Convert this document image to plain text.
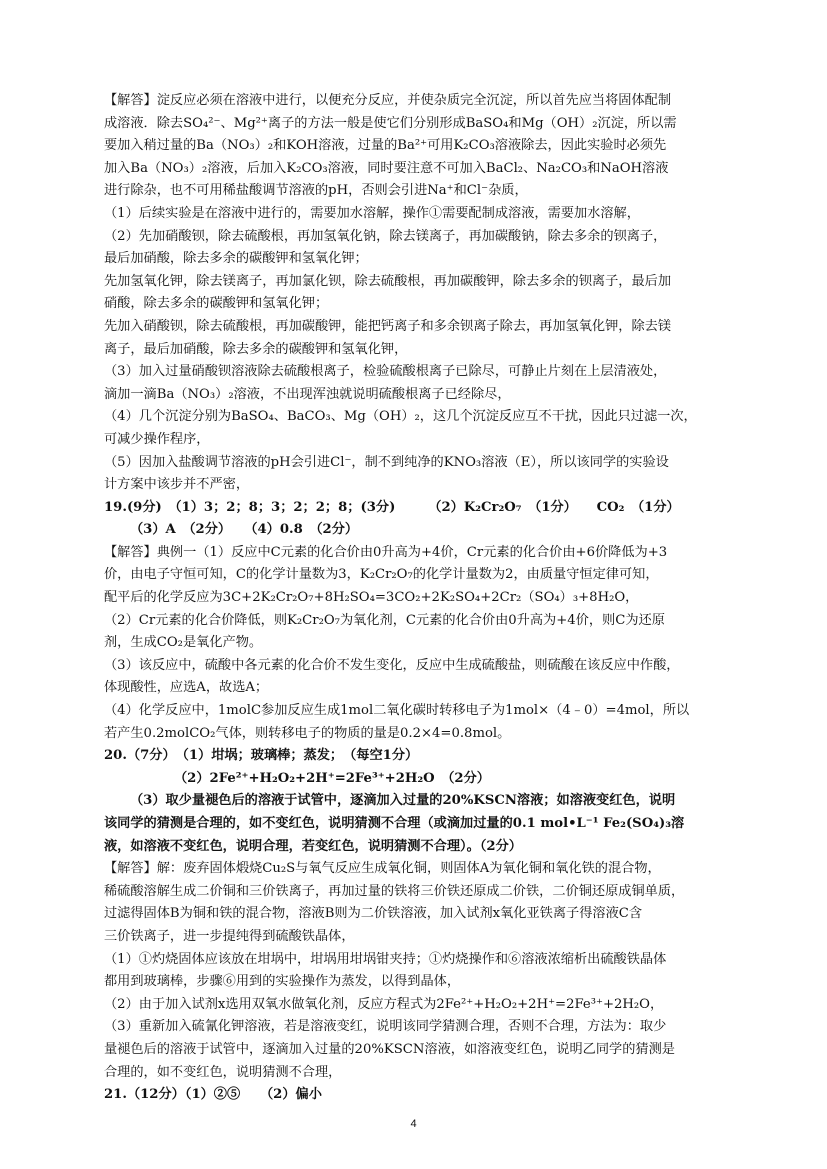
【解答】淀反应必须在溶液中进行，以便充分反应，并使杂质完全沉淀，所以首先应当将固体配制
成溶液．除去SO₄²⁻、Mg²⁺离子的方法一般是使它们分别形成BaSO₄和Mg（OH）₂沉淀，所以需
要加入稍过量的Ba（NO₃）₂和KOH溶液，过量的Ba²⁺可用K₂CO₃溶液除去，因此实验时必须先
加入Ba（NO₃）₂溶液，后加入K₂CO₃溶液，同时要注意不可加入BaCl₂、Na₂CO₃和NaOH溶液
进行除杂，也不可用稀盐酸调节溶液的pH，否则会引进Na⁺和Cl⁻杂质，
（1）后续实验是在溶液中进行的，需要加水溶解，操作①需要配制成溶液，需要加水溶解，
（2）先加硝酸钡，除去硫酸根，再加氢氧化钠，除去镁离子，再加碳酸钠，除去多余的钡离子，
最后加硝酸，除去多余的碳酸钾和氢氧化钾；
先加氢氧化钾，除去镁离子，再加氯化钡，除去硫酸根，再加碳酸钾，除去多余的钡离子，最后加
硝酸，除去多余的碳酸钾和氢氧化钾；
先加入硝酸钡，除去硫酸根，再加碳酸钾，能把钙离子和多余钡离子除去，再加氢氧化钾，除去镁
离子，最后加硝酸，除去多余的碳酸钾和氢氧化钾，
（3）加入过量硝酸钡溶液除去硫酸根离子，检验硫酸根离子已除尽，可静止片刻在上层清液处，
滴加一滴Ba（NO₃）₂溶液，不出现浑浊就说明硫酸根离子已经除尽，
（4）几个沉淀分别为BaSO₄、BaCO₃、Mg（OH）₂，这几个沉淀反应互不干扰，因此只过滤一次，
可减少操作程序，
（5）因加入盐酸调节溶液的pH会引进Cl⁻，制不到纯净的KNO₃溶液（E），所以该同学的实验设
计方案中该步并不严密，
19.(9分)　（1）3；2；8；3；2；2；8；(3分)　　　（2）K₂Cr₂O₇　（1分）　　CO₂　（1分）
（3）A　（2分）　　（4）0.8　（2分）
【解答】典例一（1）反应中C元素的化合价由0升高为+4价，Cr元素的化合价由+6价降低为+3
价，由电子守恒可知，C的化学计量数为3，K₂Cr₂O₇的化学计量数为2，由质量守恒定律可知，
配平后的化学反应为3C+2K₂Cr₂O₇+8H₂SO₄=3CO₂+2K₂SO₄+2Cr₂（SO₄）₃+8H₂O，
（2）Cr元素的化合价降低，则K₂Cr₂O₇为氧化剂，C元素的化合价由0升高为+4价，则C为还原
剂，生成CO₂是氧化产物。
（3）该反应中，硫酸中各元素的化合价不发生变化，反应中生成硫酸盐，则硫酸在该反应中作酸，
体现酸性，应选A，故选A；
（4）化学反应中，1molC参加反应生成1mol二氧化碳时转移电子为1mol×（4﹣0）=4mol，所以
若产生0.2molCO₂气体，则转移电子的物质的量是0.2×4=0.8mol。
20.（7分）　（1）坩埚；玻璃棒；蒸发；　（每空1分）
（2）2Fe²⁺+H₂O₂+2H⁺=2Fe³⁺+2H₂O　（2分）
（3）取少量褪色后的溶液于试管中，逐滴加入过量的20%KSCN溶液；如溶液变红色，说明
该同学的猜测是合理的，如不变红色，说明猜测不合理（或滴加过量的0.1 mol•L⁻¹ Fe₂(SO₄)₃溶
液，如溶液不变红色，说明合理，若变红色，说明猜测不合理）。（2分）
【解答】解：废弃固体煅烧Cu₂S与氧气反应生成氧化铜，则固体A为氧化铜和氧化铁的混合物，
稀硫酸溶解生成二价铜和三价铁离子，再加过量的铁将三价铁还原成二价铁，二价铜还原成铜单质，
过滤得固体B为铜和铁的混合物，溶液B则为二价铁溶液，加入试剂x氧化亚铁离子得溶液C含
三价铁离子，进一步提纯得到硫酸铁晶体，
（1）①灼烧固体应该放在坩埚中，坩埚用坩埚钳夹持；①灼烧操作和⑥溶液浓缩析出硫酸铁晶体
都用到玻璃棒，步骤⑥用到的实验操作为蒸发，以得到晶体，
（2）由于加入试剂x选用双氧水做氧化剂，反应方程式为2Fe²⁺+H₂O₂+2H⁺=2Fe³⁺+2H₂O，
（3）重新加入硫氰化钾溶液，若是溶液变红，说明该同学猜测合理，否则不合理，方法为：取少
量褪色后的溶液于试管中，逐滴加入过量的20%KSCN溶液，如溶液变红色，说明乙同学的猜测是
合理的，如不变红色，说明猜测不合理，
21.（12分）（1）②⑤　　（2）偏小
4
